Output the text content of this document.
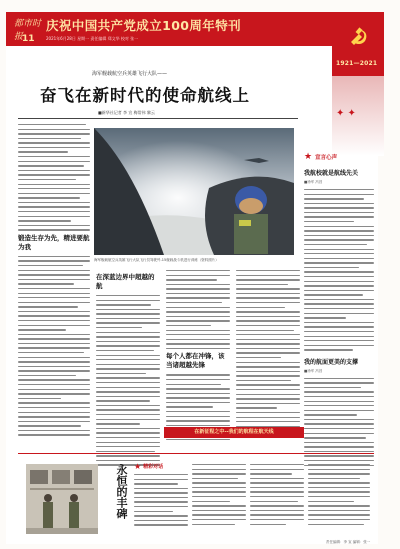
都市时报
庆祝中国共产党成立100周年特刊
11	2021年6月28日 星期一 责任编辑 郑文华 校对 张一
1921—2021
✦ ✦
海军舰载航空兵英雄飞行大队——
奋飞在新时代的使命航线上
■新华社记者 李 宣 梅常伟 黎云
海军舰载航空兵英雄飞行大队飞行员驾驶歼-15舰载战斗机进行训练（资料照片）
锻造生存为先，精进要航为我
在深蓝边界中超越的航
每个人都在冲锋，该当诸超越先锋
★ 宣言心声
我航校就是航线先关
■徐军 冯昌
我的航面更美的支撑
■徐军 冯昌
在新征程之中--我们的航程在航天线
永恒的丰碑 ★ 精彩对话
责任编辑：李 宣 编辑：张一
